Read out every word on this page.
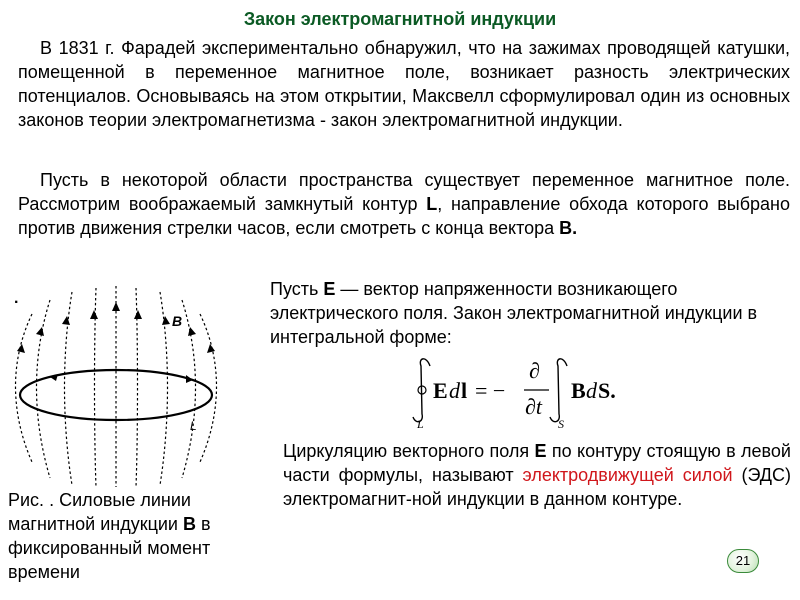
Закон электромагнитной индукции
В 1831 г. Фарадей экспериментально обнаружил, что на зажимах проводящей катушки, помещенной в переменное магнитное поле, возникает разность электрических потенциалов. Основываясь на этом открытии, Максвелл сформулировал один из основных законов теории электромагнетизма - закон электромагнитной индукции.
Пусть в некоторой области пространства существует переменное магнитное поле. Рассмотрим воображаемый замкнутый контур L, направление обхода которого выбрано против движения стрелки часов, если смотреть с конца вектора B.
.
B
L
Рис. . Силовые линии магнитной индукции В в фиксированный момент времени
Пусть E — вектор напряженности возникающего электрического поля. Закон электромагнитной индукции в интегральной форме:
L
E d l = −
∂
∂t
S
B d S.
Циркуляцию векторного поля E по контуру стоящую в левой части формулы, называют электродвижущей силой (ЭДС) электромагнит-ной индукции в данном контуре.
21
